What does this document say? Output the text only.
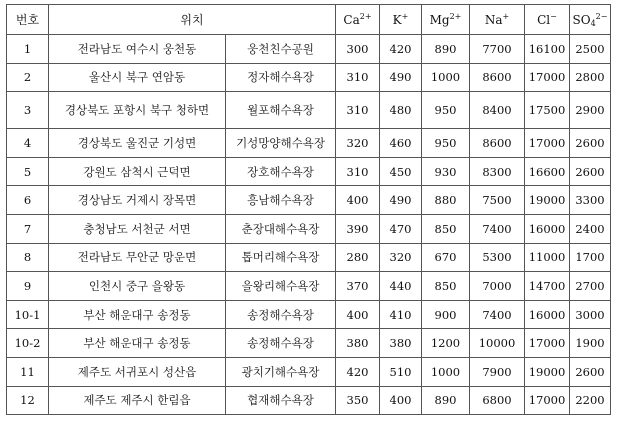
번호	위치		$Ca^{2+}$	K+	$Mg^{2+}$	Na+	Cl−	$SO_4^{2-}$
1	전라남도 여수시 웅천동	웅천친수공원	300	420	890	7700	16100	2500
2	울산시 북구 연암동	정자해수욕장	310	490	1000	8600	17000	2800
3	경상북도 포항시 북구 청하면	월포해수욕장	310	480	950	8400	17500	2900
4	경상북도 울진군 기성면	기성망양해수욕장	320	460	950	8600	17000	2600
5	강원도 삼척시 근덕면	장호해수욕장	310	450	930	8300	16600	2600
6	경상남도 거제시 장목면	흥남해수욕장	400	490	880	7500	19000	3300
7	충청남도 서천군 서면	춘장대해수욕장	390	470	850	7400	16000	2400
8	전라남도 무안군 망운면	톱머리해수욕장	280	320	670	5300	11000	1700
9	인천시 중구 을왕동	을왕리해수욕장	370	440	850	7000	14700	2700
10-1	부산 해운대구 송정동	송정해수욕장	400	410	900	7400	16000	3000
10-2	부산 해운대구 송정동	송정해수욕장	380	380	1200	10000	17000	1900
11	제주도 서귀포시 성산읍	광치기해수욕장	420	510	1000	7900	19000	2600
12	제주도 제주시 한림읍	협재해수욕장	350	400	890	6800	17000	2200
